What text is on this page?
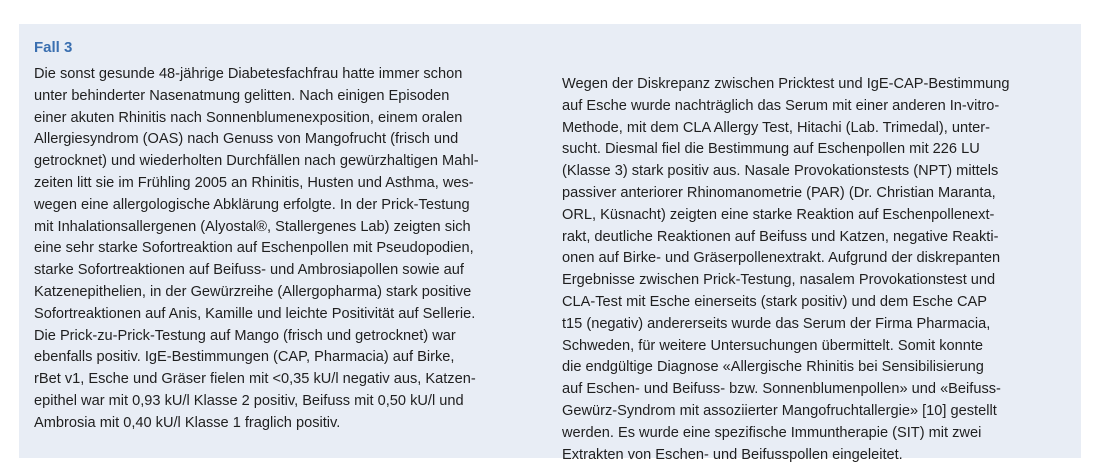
Fall 3
Die sonst gesunde 48-jährige Diabetesfachfrau hatte immer schon
unter behinderter Nasenatmung gelitten. Nach einigen Episoden
einer akuten Rhinitis nach Sonnenblumenexposition, einem oralen
Allergiesyndrom (OAS) nach Genuss von Mangofrucht (frisch und
getrocknet) und wiederholten Durchfällen nach gewürzhaltigen Mahl-
zeiten litt sie im Frühling 2005 an Rhinitis, Husten und Asthma, wes-
wegen eine allergologische Abklärung erfolgte. In der Prick-Testung
mit Inhalationsallergenen (Alyostal®, Stallergenes Lab) zeigten sich
eine sehr starke Sofortreaktion auf Eschenpollen mit Pseudopodien,
starke Sofortreaktionen auf Beifuss- und Ambrosiapollen sowie auf
Katzenepithelien, in der Gewürzreihe (Allergopharma) stark positive
Sofortreaktionen auf Anis, Kamille und leichte Positivität auf Sellerie.
Die Prick-zu-Prick-Testung auf Mango (frisch und getrocknet) war
ebenfalls positiv. IgE-Bestimmungen (CAP, Pharmacia) auf Birke,
rBet v1, Esche und Gräser fielen mit <0,35 kU/l negativ aus, Katzen-
epithel war mit 0,93 kU/l Klasse 2 positiv, Beifuss mit 0,50 kU/l und
Ambrosia mit 0,40 kU/l Klasse 1 fraglich positiv.
Wegen der Diskrepanz zwischen Pricktest und IgE-CAP-Bestimmung
auf Esche wurde nachträglich das Serum mit einer anderen In-vitro-
Methode, mit dem CLA Allergy Test, Hitachi (Lab. Trimedal), unter-
sucht. Diesmal fiel die Bestimmung auf Eschenpollen mit 226 LU
(Klasse 3) stark positiv aus. Nasale Provokationstests (NPT) mittels
passiver anteriorer Rhinomanometrie (PAR) (Dr. Christian Maranta,
ORL, Küsnacht) zeigten eine starke Reaktion auf Eschenpollenext-
rakt, deutliche Reaktionen auf Beifuss und Katzen, negative Reakti-
onen auf Birke- und Gräserpollenextrakt. Aufgrund der diskrepanten
Ergebnisse zwischen Prick-Testung, nasalem Provokationstest und
CLA-Test mit Esche einerseits (stark positiv) und dem Esche CAP
t15 (negativ) andererseits wurde das Serum der Firma Pharmacia,
Schweden, für weitere Untersuchungen übermittelt. Somit konnte
die endgültige Diagnose «Allergische Rhinitis bei Sensibilisierung
auf Eschen- und Beifuss- bzw. Sonnenblumenpollen» und «Beifuss-
Gewürz-Syndrom mit assoziierter Mangofruchtallergie» [10] gestellt
werden. Es wurde eine spezifische Immuntherapie (SIT) mit zwei
Extrakten von Eschen- und Beifusspollen eingeleitet.
